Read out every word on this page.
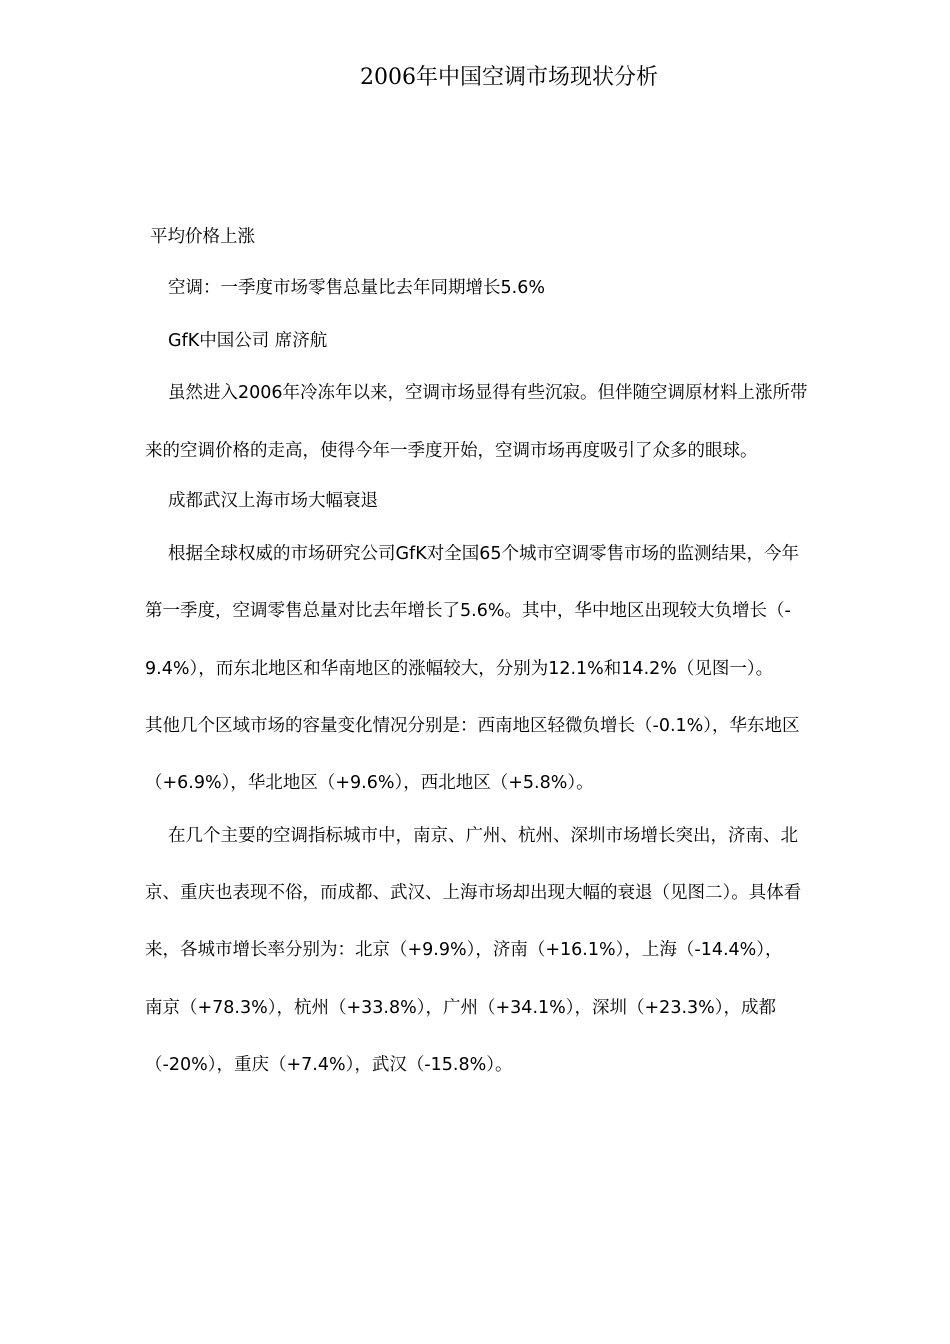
2006年中国空调市场现状分析
平均价格上涨
空调：一季度市场零售总量比去年同期增长5.6%
GfK中国公司 席济航
虽然进入2006年冷冻年以来，空调市场显得有些沉寂。但伴随空调原材料上涨所带
来的空调价格的走高，使得今年一季度开始，空调市场再度吸引了众多的眼球。
成都武汉上海市场大幅衰退
根据全球权威的市场研究公司GfK对全国65个城市空调零售市场的监测结果，今年
第一季度，空调零售总量对比去年增长了5.6%。其中，华中地区出现较大负增长（-
9.4%），而东北地区和华南地区的涨幅较大，分别为12.1%和14.2%（见图一）。
其他几个区域市场的容量变化情况分别是：西南地区轻微负增长（-0.1%），华东地区
（+6.9%），华北地区（+9.6%），西北地区（+5.8%）。
在几个主要的空调指标城市中，南京、广州、杭州、深圳市场增长突出，济南、北
京、重庆也表现不俗，而成都、武汉、上海市场却出现大幅的衰退（见图二）。具体看
来，各城市增长率分别为：北京（+9.9%），济南（+16.1%），上海（-14.4%），
南京（+78.3%），杭州（+33.8%），广州（+34.1%），深圳（+23.3%），成都
（-20%），重庆（+7.4%），武汉（-15.8%）。
